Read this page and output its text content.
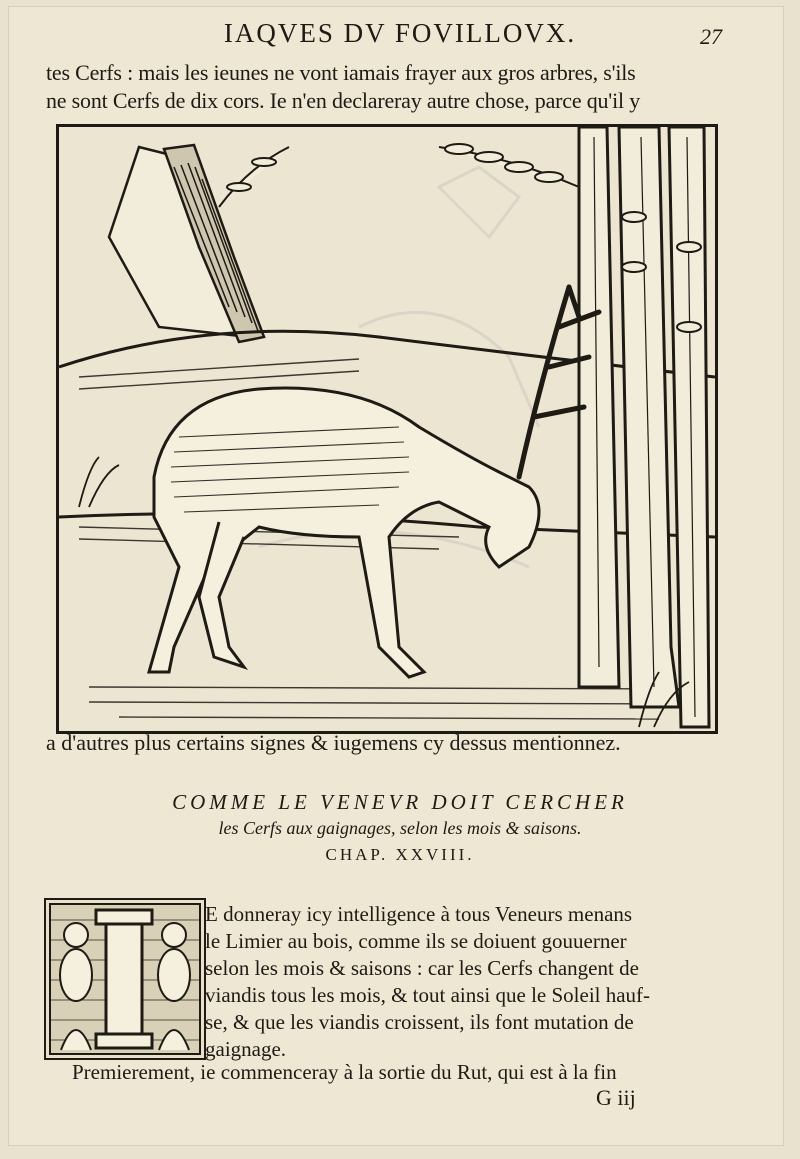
IAQVES DV FOVILLOVX.	27
tes Cerfs : mais les ieunes ne vont iamais frayer aux gros arbres, s'ils
ne sont Cerfs de dix cors. Ie n'en declareray autre chose, parce qu'il y
a d'autres plus certains signes & iugemens cy dessus mentionnez.
COMME LE VENEVR DOIT CERCHER
les Cerfs aux gaignages, selon les mois & saisons.
CHAP. XXVIII.
E donneray icy intelligence à tous Veneurs menans
le Limier au bois, comme ils se doiuent gouuerner
selon les mois & saisons : car les Cerfs changent de
viandis tous les mois, & tout ainsi que le Soleil hauf-
se, & que les viandis croissent, ils font mutation de
gaignage.
Premierement, ie commenceray à la sortie du Rut, qui est à la fin
G iij
